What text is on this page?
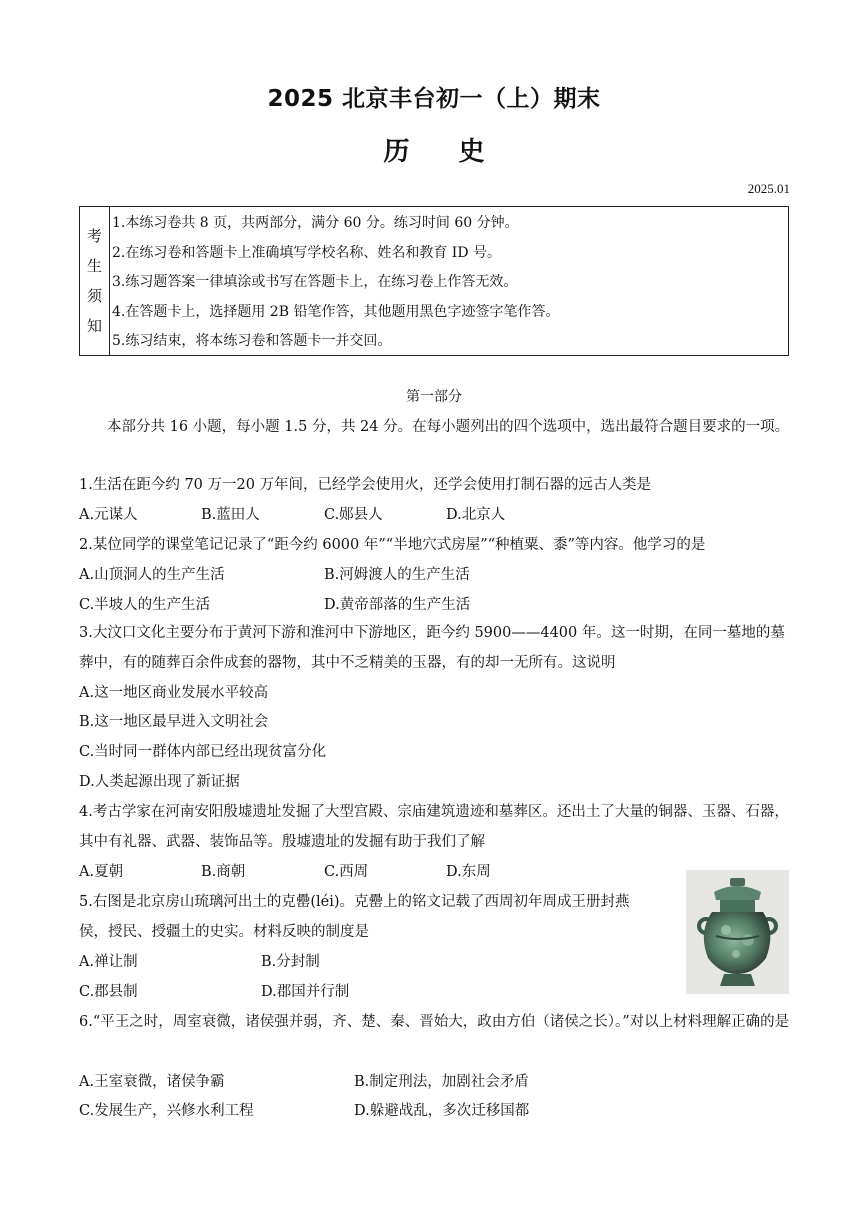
2025 北京丰台初一（上）期末
历 史
2025.01
考
生
须
知
1.本练习卷共 8 页，共两部分，满分 60 分。练习时间 60 分钟。
2.在练习卷和答题卡上准确填写学校名称、姓名和教育 ID 号。
3.练习题答案一律填涂或书写在答题卡上，在练习卷上作答无效。
4.在答题卡上，选择题用 2B 铅笔作答，其他题用黑色字迹签字笔作答。
5.练习结束，将本练习卷和答题卡一并交回。
第一部分
本部分共 16 小题，每小题 1.5 分，共 24 分。在每小题列出的四个选项中，选出最符合题目要求的一项。
1.生活在距今约 70 万一20 万年间，已经学会使用火，还学会使用打制石器的远古人类是
A.元谋人	B.蓝田人	C.郧县人	D.北京人
2.某位同学的课堂笔记记录了“距今约 6000 年”“半地穴式房屋”“种植粟、黍”等内容。他学习的是
A.山顶洞人的生产生活	B.河姆渡人的生产生活
C.半坡人的生产生活	D.黄帝部落的生产生活
3.大汶口文化主要分布于黄河下游和淮河中下游地区，距今约 5900——4400 年。这一时期，在同一墓地的墓葬中，有的随葬百余件成套的器物，其中不乏精美的玉器，有的却一无所有。这说明
A.这一地区商业发展水平较高
B.这一地区最早进入文明社会
C.当时同一群体内部已经出现贫富分化
D.人类起源出现了新证据
4.考古学家在河南安阳殷墟遗址发掘了大型宫殿、宗庙建筑遗迹和墓葬区。还出土了大量的铜器、玉器、石器，其中有礼器、武器、装饰品等。殷墟遗址的发掘有助于我们了解
A.夏朝	B.商朝	C.西周	D.东周
5.右图是北京房山琉璃河出土的克罍(léi)。克罍上的铭文记载了西周初年周成王册封燕
侯，授民、授疆土的史实。材料反映的制度是
A.禅让制	B.分封制
C.郡县制	D.郡国并行制
6.“平王之时，周室衰微，诸侯强并弱，齐、楚、秦、晋始大，政由方伯（诸侯之长）。”对以上材料理解正确的是
A.王室衰微，诸侯争霸	B.制定刑法，加剧社会矛盾
C.发展生产，兴修水利工程	D.躲避战乱，多次迁移国都
